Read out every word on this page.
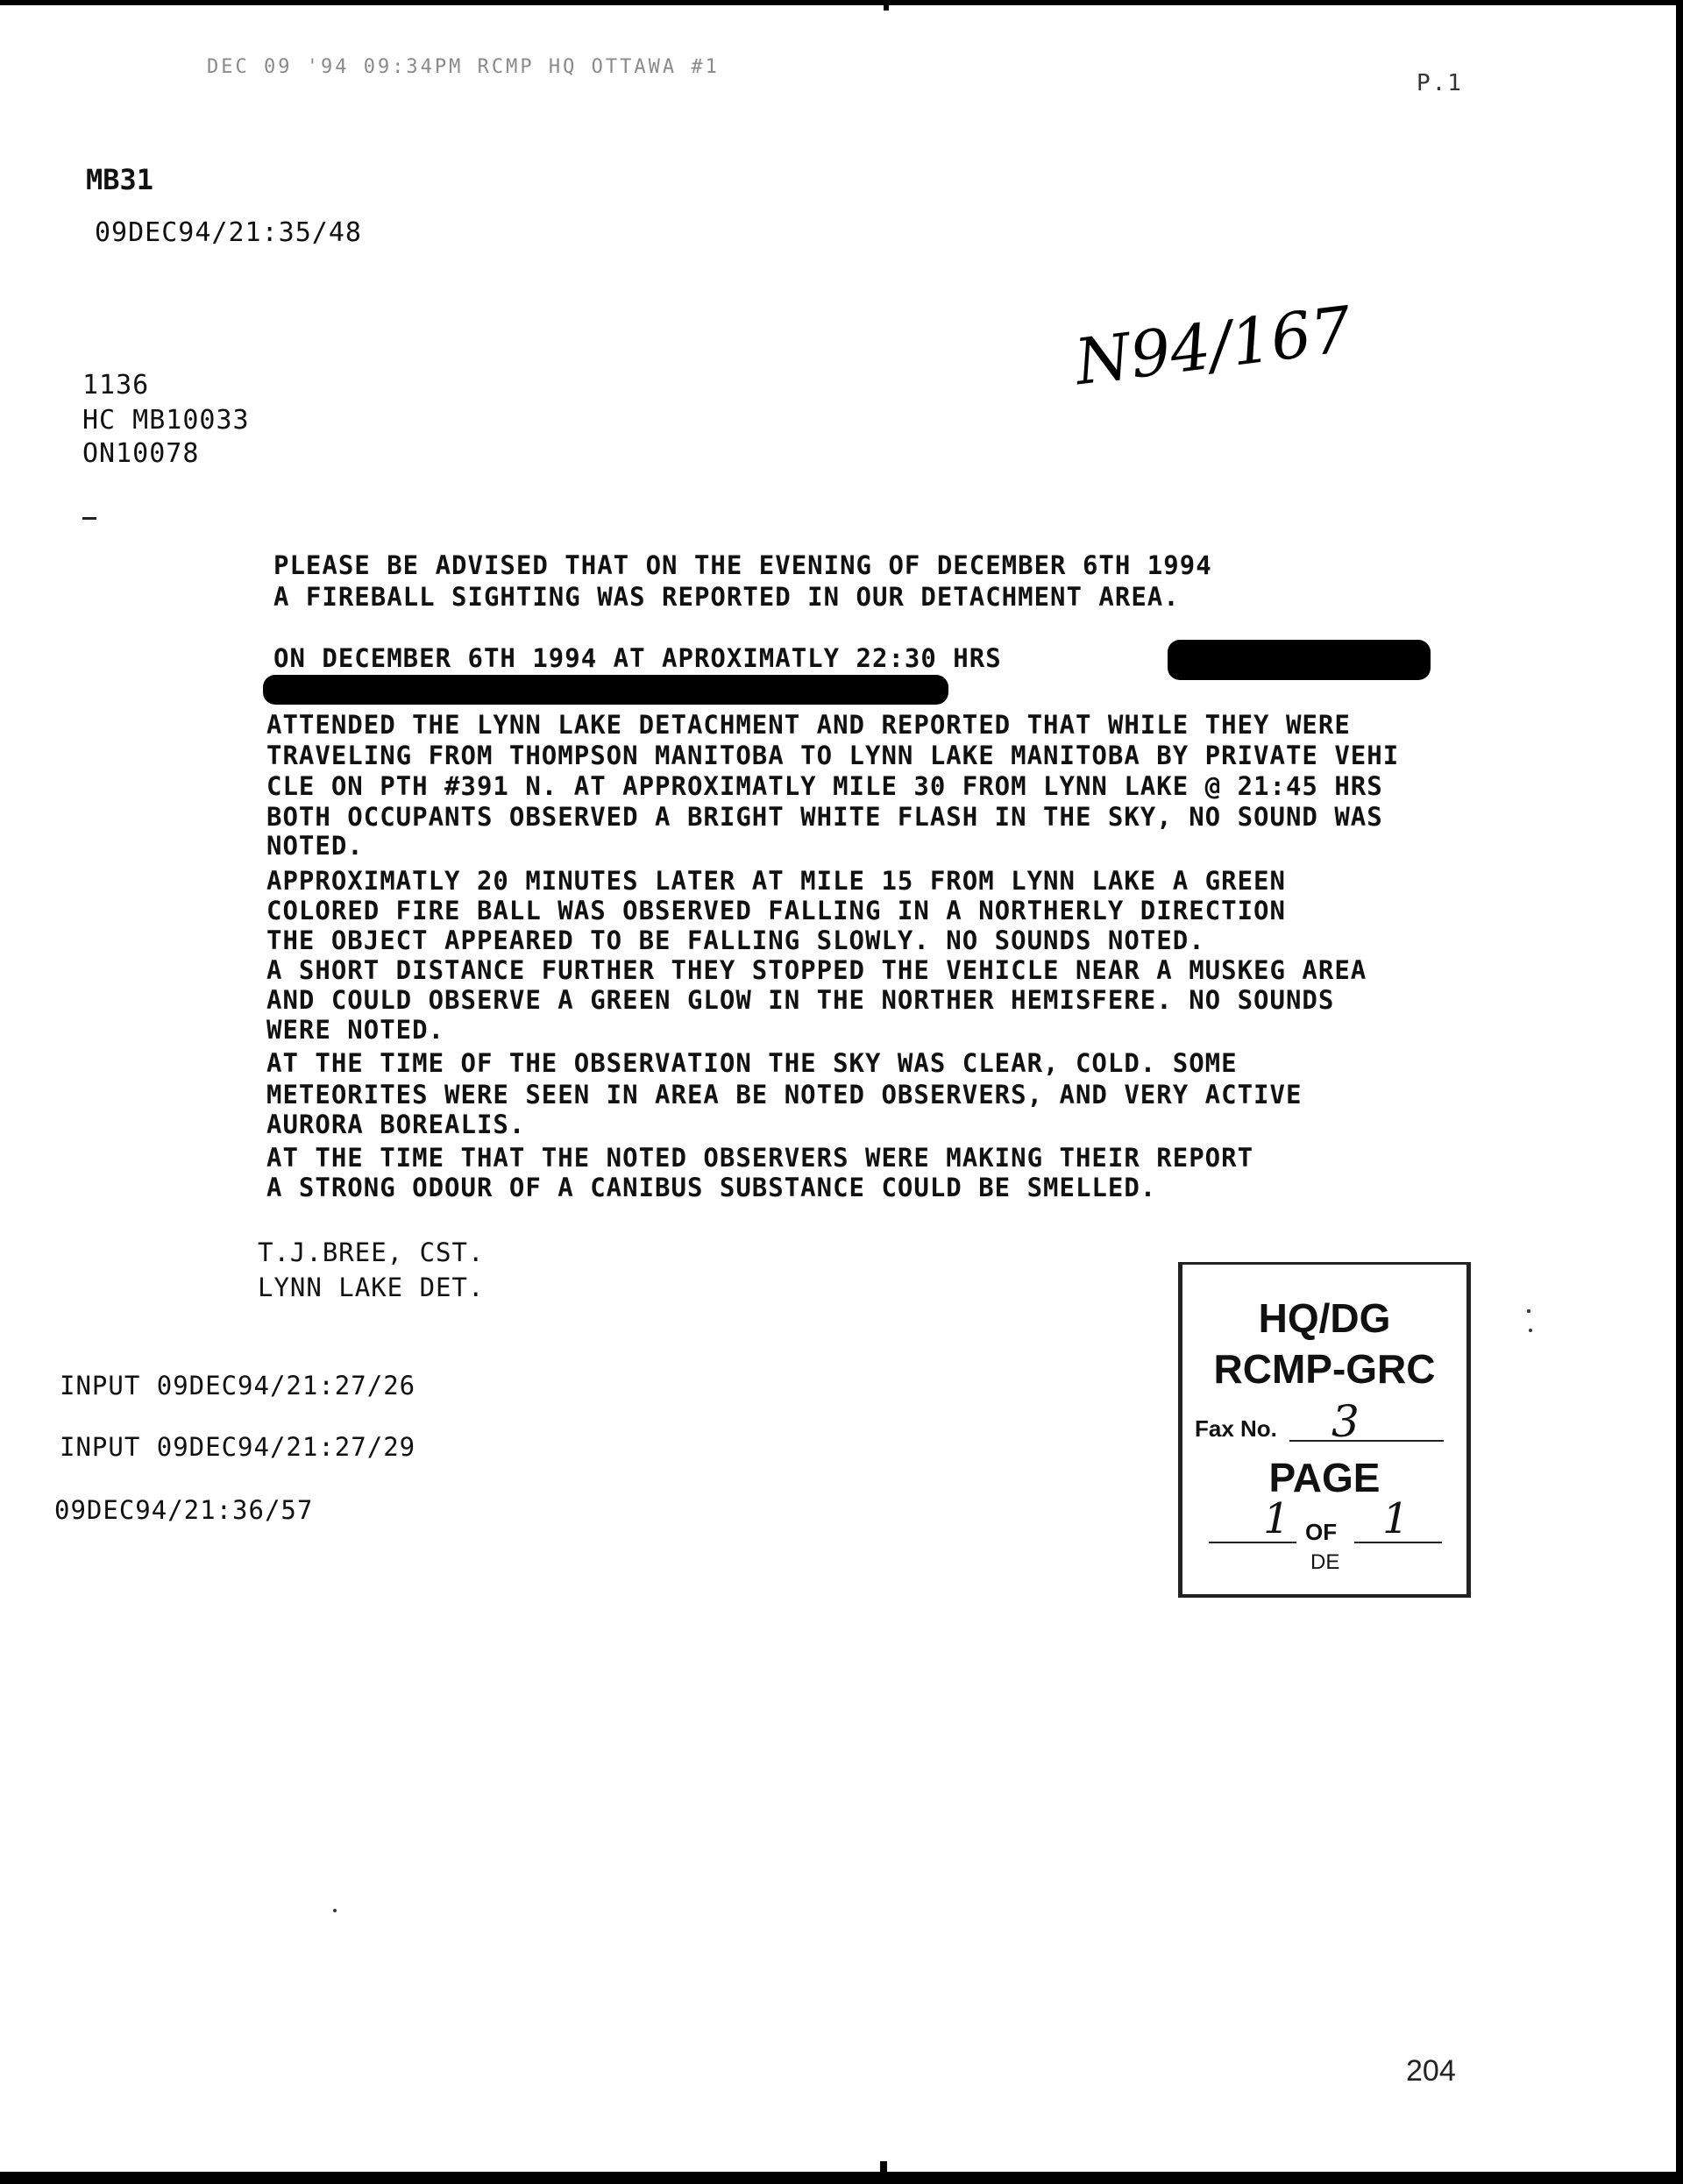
DEC 09 '94 09:34PM RCMP HQ OTTAWA #1
P.1
MB31
09DEC94/21:35/48
1136
HC MB10033
ON10078
N94/167
PLEASE BE ADVISED THAT ON THE EVENING OF DECEMBER 6TH 1994
A FIREBALL SIGHTING WAS REPORTED IN OUR DETACHMENT AREA.
ON DECEMBER 6TH 1994 AT APROXIMATLY 22:30 HRS
ATTENDED THE LYNN LAKE DETACHMENT AND REPORTED THAT WHILE THEY WERE
TRAVELING FROM THOMPSON MANITOBA TO LYNN LAKE MANITOBA BY PRIVATE VEHI
CLE ON PTH #391 N. AT APPROXIMATLY MILE 30 FROM LYNN LAKE @ 21:45 HRS
BOTH OCCUPANTS OBSERVED A BRIGHT WHITE FLASH IN THE SKY, NO SOUND WAS
NOTED.
APPROXIMATLY 20 MINUTES LATER AT MILE 15 FROM LYNN LAKE A GREEN
COLORED FIRE BALL WAS OBSERVED FALLING IN A NORTHERLY DIRECTION
THE OBJECT APPEARED TO BE FALLING SLOWLY. NO SOUNDS NOTED.
A SHORT DISTANCE FURTHER THEY STOPPED THE VEHICLE NEAR A MUSKEG AREA
AND COULD OBSERVE A GREEN GLOW IN THE NORTHER HEMISFERE. NO SOUNDS
WERE NOTED.
AT THE TIME OF THE OBSERVATION THE SKY WAS CLEAR, COLD. SOME
METEORITES WERE SEEN IN AREA BE NOTED OBSERVERS, AND VERY ACTIVE
AURORA BOREALIS.
AT THE TIME THAT THE NOTED OBSERVERS WERE MAKING THEIR REPORT
A STRONG ODOUR OF A CANIBUS SUBSTANCE COULD BE SMELLED.
T.J.BREE, CST.
LYNN LAKE DET.
INPUT 09DEC94/21:27/26
INPUT 09DEC94/21:27/29
09DEC94/21:36/57
HQ/DG
RCMP-GRC
Fax No. 3
PAGE
1 OF 1
DE
204
